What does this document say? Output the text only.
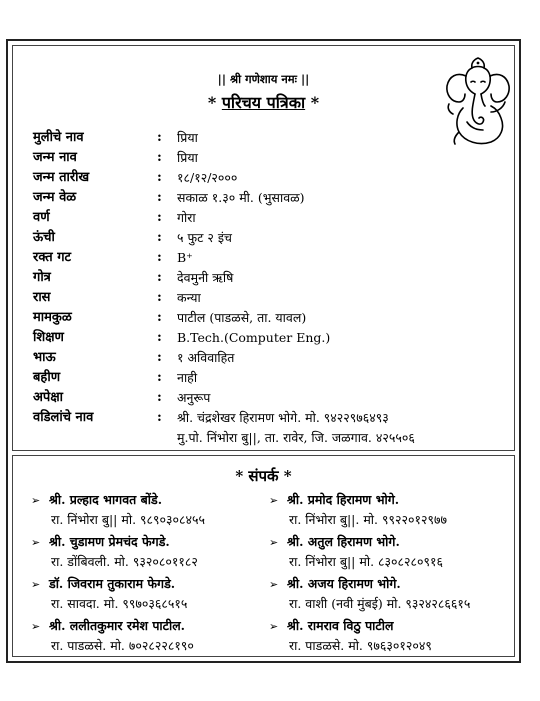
|| श्री गणेशाय नमः ||
* परिचय पत्रिका *
मुलीचे नाव	: प्रिया
जन्म नाव	: प्रिया
जन्म तारीख	: १८/१२/२०००
जन्म वेळ	: सकाळ १.३० मी. (भुसावळ)
वर्ण	: गोरा
ऊंची	: ५ फुट २ इंच
रक्त गट	: B⁺
गोत्र	: देवमुनी ऋषि
रास	: कन्या
मामकुळ	: पाटील (पाडळसे, ता. यावल)
शिक्षण	: B.Tech.(Computer Eng.)
भाऊ	: १ अविवाहित
बहीण	: नाही
अपेक्षा	: अनुरूप
वडिलांचे नाव	: श्री. चंद्रशेखर हिरामण भोगे. मो. ९४२२९७६४९३
मु.पो. निंभोरा बु||, ता. रावेर, जि. जळगाव. ४२५५०६
* संपर्क *
➢ श्री. प्रल्हाद भागवत बोंडे.
रा. निंभोरा बु|| मो. ९८९०३०८४५५
➢ श्री. प्रमोद हिरामण भोगे.
रा. निंभोरा बु||. मो. ९९२२०१२९७७
➢ श्री. चुडामण प्रेमचंद फेगडे.
रा. डोंबिवली. मो. ९३२०८०११८२
➢ श्री. अतुल हिरामण भोगे.
रा. निंभोरा बु|| मो. ८३०८२८०९१६
➢ डॉ. जिवराम तुकाराम फेगडे.
रा. सावदा. मो. ९९७०३६८५१५
➢ श्री. अजय हिरामण भोगे.
रा. वाशी (नवी मुंबई) मो. ९३२४२८६६१५
➢ श्री. ललीतकुमार रमेश पाटील.
रा. पाडळसे. मो. ७०२८२२८१९०
➢ श्री. रामराव विठु पाटील
रा. पाडळसे. मो. ९७६३०१२०४९
